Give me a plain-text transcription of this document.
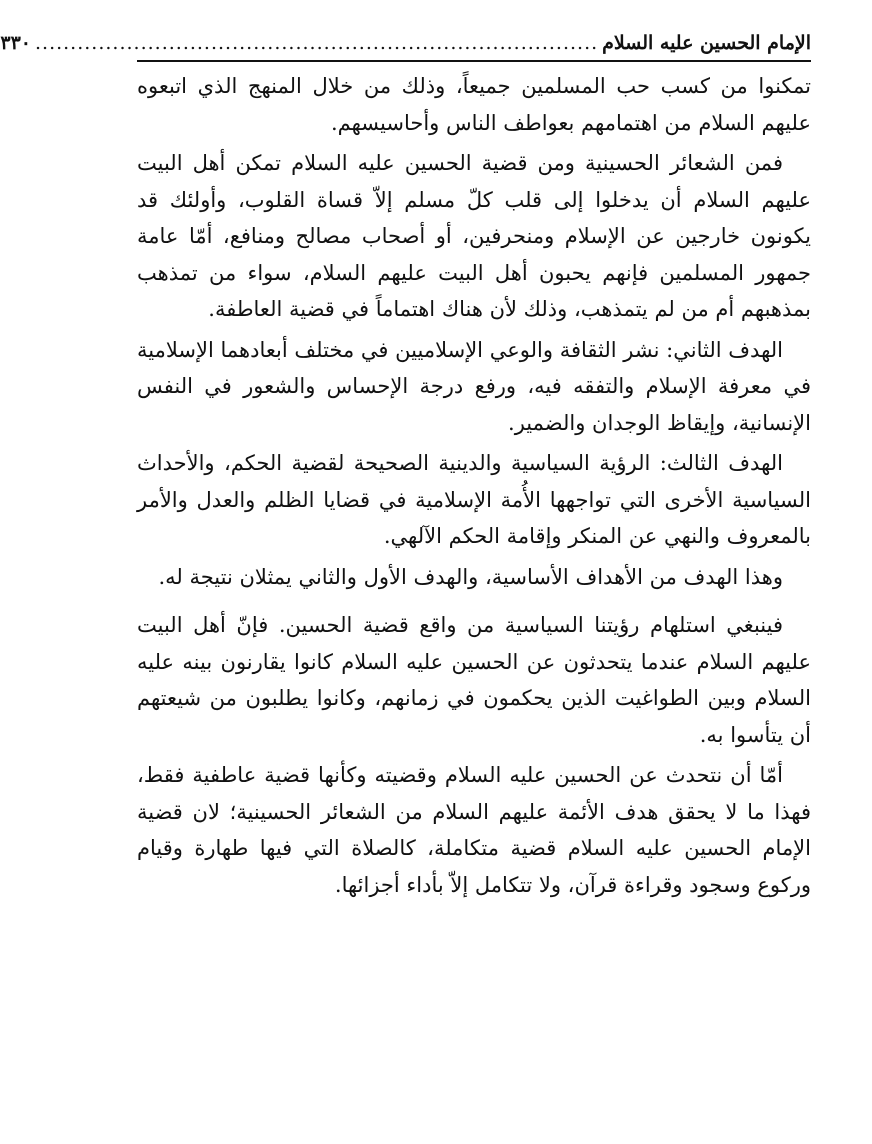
الإمام الحسين عليه السلام
................................................................................
٣٣٠

تمكنوا من كسب حب المسلمين جميعاً، وذلك من خلال المنهج الذي اتبعوه عليهم السلام من اهتمامهم بعواطف الناس وأحاسيسهم.

فمن الشعائر الحسينية ومن قضية الحسين عليه السلام تمكن أهل البيت عليهم السلام أن يدخلوا إلى قلب كلّ مسلم إلاّ قساة القلوب، وأولئك قد يكونون خارجين عن الإسلام ومنحرفين، أو أصحاب مصالح ومنافع، أمّا عامة جمهور المسلمين فإنهم يحبون أهل البيت عليهم السلام، سواء من تمذهب بمذهبهم أم من لم يتمذهب، وذلك لأن هناك اهتماماً في قضية العاطفة.

الهدف الثاني: نشر الثقافة والوعي الإسلاميين في مختلف أبعادهما الإسلامية في معرفة الإسلام والتفقه فيه، ورفع درجة الإحساس والشعور في النفس الإنسانية، وإيقاظ الوجدان والضمير.

الهدف الثالث: الرؤية السياسية والدينية الصحيحة لقضية الحكم، والأحداث السياسية الأخرى التي تواجهها الأُمة الإسلامية في قضايا الظلم والعدل والأمر بالمعروف والنهي عن المنكر وإقامة الحكم الآلهي.

وهذا الهدف من الأهداف الأساسية، والهدف الأول والثاني يمثلان نتيجة له.

فينبغي استلهام رؤيتنا السياسية من واقع قضية الحسين. فإنّ أهل البيت عليهم السلام عندما يتحدثون عن الحسين عليه السلام كانوا يقارنون بينه عليه السلام وبين الطواغيت الذين يحكمون في زمانهم، وكانوا يطلبون من شيعتهم أن يتأسوا به.

أمّا أن نتحدث عن الحسين عليه السلام وقضيته وكأنها قضية عاطفية فقط، فهذا ما لا يحقق هدف الأئمة عليهم السلام من الشعائر الحسينية؛ لان قضية الإمام الحسين عليه السلام قضية متكاملة، كالصلاة التي فيها طهارة وقيام وركوع وسجود وقراءة قرآن، ولا تتكامل إلاّ بأداء أجزائها.
